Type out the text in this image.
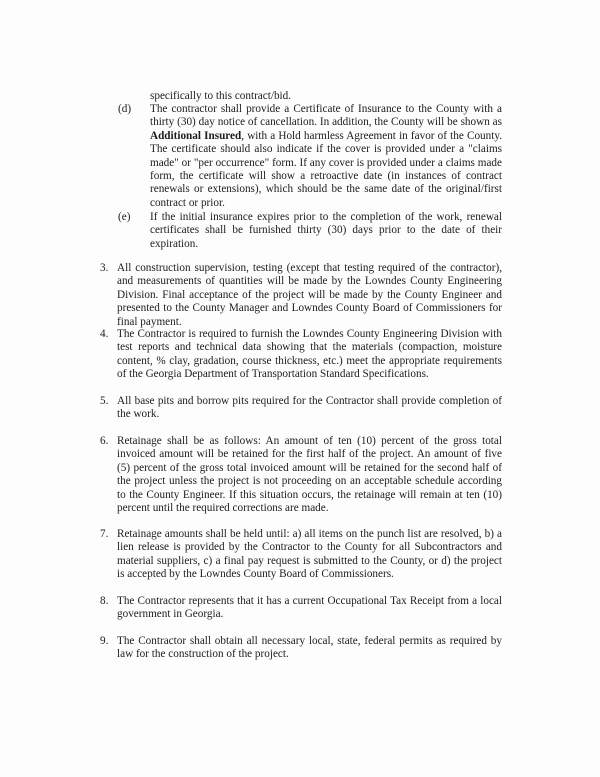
specifically to this contract/bid.
(d) The contractor shall provide a Certificate of Insurance to the County with a thirty (30) day notice of cancellation. In addition, the County will be shown as Additional Insured, with a Hold harmless Agreement in favor of the County. The certificate should also indicate if the cover is provided under a "claims made" or "per occurrence" form. If any cover is provided under a claims made form, the certificate will show a retroactive date (in instances of contract renewals or extensions), which should be the same date of the original/first contract or prior.
(e) If the initial insurance expires prior to the completion of the work, renewal certificates shall be furnished thirty (30) days prior to the date of their expiration.
3. All construction supervision, testing (except that testing required of the contractor), and measurements of quantities will be made by the Lowndes County Engineering Division. Final acceptance of the project will be made by the County Engineer and presented to the County Manager and Lowndes County Board of Commissioners for final payment.
4. The Contractor is required to furnish the Lowndes County Engineering Division with test reports and technical data showing that the materials (compaction, moisture content, % clay, gradation, course thickness, etc.) meet the appropriate requirements of the Georgia Department of Transportation Standard Specifications.
5. All base pits and borrow pits required for the Contractor shall provide completion of the work.
6. Retainage shall be as follows: An amount of ten (10) percent of the gross total invoiced amount will be retained for the first half of the project. An amount of five (5) percent of the gross total invoiced amount will be retained for the second half of the project unless the project is not proceeding on an acceptable schedule according to the County Engineer. If this situation occurs, the retainage will remain at ten (10) percent until the required corrections are made.
7. Retainage amounts shall be held until: a) all items on the punch list are resolved, b) a lien release is provided by the Contractor to the County for all Subcontractors and material suppliers, c) a final pay request is submitted to the County, or d) the project is accepted by the Lowndes County Board of Commissioners.
8. The Contractor represents that it has a current Occupational Tax Receipt from a local government in Georgia.
9. The Contractor shall obtain all necessary local, state, federal permits as required by law for the construction of the project.
